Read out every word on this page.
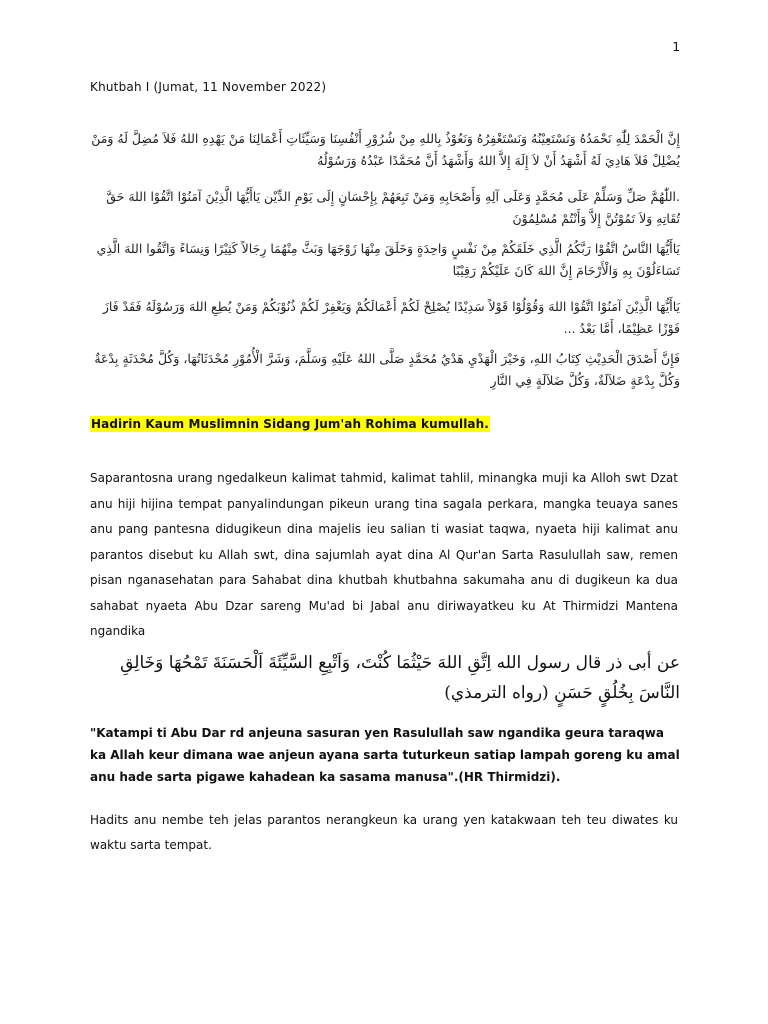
1
Khutbah I (Jumat, 11 November 2022)
إِنَّ الْحَمْدَ لِلّٰهِ نَحْمَدُهُ وَنَسْتَعِيْنُهُ وَنَسْتَغْفِرُهُ وَنَعُوْذُ بِاللهِ مِنْ شُرُوْرِ أَنْفُسِنَا وَسَيِّئَاتِ أَعْمَالِنَا مَنْ يَهْدِهِ اللهُ فَلاَ مُضِلَّ لَهُ وَمَنْ يُضْلِلْ فَلاَ هَادِيَ لَهُ أَشْهَدُ أَنْ لاَ إِلَهَ إِلاَّ اللهُ وَأَشْهَدُ أَنَّ مُحَمَّدًا عَبْدُهُ وَرَسُوْلُهُ
.اللّٰهُمَّ صَلِّ وَسَلِّمْ عَلَى مُحَمَّدٍ وَعَلَى آلِهِ وَأَصْحَابِهِ وَمَنْ تَبِعَهُمْ بِإِحْسَانٍ إِلَى يَوْمِ الدِّيْن يَاأَيُّهَا الَّذِيْنَ آمَنُوْا اتَّقُوْا اللهَ حَقَّ تُقَاتِهِ وَلاَ تَمُوْتُنَّ إِلاَّ وَأَنْتُمْ مُسْلِمُوْنَ
يَاأَيُّهَا النَّاسُ اتَّقُوْا رَبَّكُمُ الَّذِي خَلَقَكُمْ مِنْ نَفْسٍ وَاحِدَةٍ وَخَلَقَ مِنْهَا زَوْجَهَا وَبَثَّ مِنْهُمَا رِجَالاً كَثِيْرًا وَنِسَاءً وَاتَّقُوا اللهَ الَّذِي تَسَاءَلُوْنَ بِهِ وَالْأَرْحَامَ إِنَّ اللهَ كَانَ عَلَيْكُمْ رَقِيْبًا
يَاأَيُّهَا الَّذِيْنَ آمَنُوْا اتَّقُوْا اللهَ وَقُوْلُوْا قَوْلاً سَدِيْدًا يُصْلِحْ لَكُمْ أَعْمَالَكُمْ وَيَغْفِرْ لَكُمْ ذُنُوْبَكُمْ وَمَنْ يُطِعِ اللهَ وَرَسُوْلَهُ فَقَدْ فَازَ فَوْزًا عَظِيْمًا، أَمَّا بَعْدُ ...
فَإِنَّ أَصْدَقَ الْحَدِيْثِ كِتَابُ اللهِ، وَخَيْرَ الْهَدْيِ هَدْيُ مُحَمَّدٍ صَلَّى اللهُ عَلَيْهِ وَسَلَّمَ، وَشَرَّ الْأُمُوْرِ مُحْدَثَاتُهَا، وَكُلَّ مُحْدَثَةٍ بِدْعَةٌ وَكُلَّ بِدْعَةٍ ضَلاَلَةٌ، وَكُلَّ ضَلاَلَةٍ فِي النَّارِ
Hadirin Kaum Muslimnin Sidang Jum'ah Rohima kumullah.
Saparantosna urang ngedalkeun kalimat tahmid, kalimat tahlil, minangka muji ka Alloh swt Dzat anu hiji hijina tempat panyalindungan pikeun urang tina sagala perkara, mangka teuaya sanes anu pang pantesna didugikeun dina majelis ieu salian ti wasiat taqwa, nyaeta hiji kalimat anu parantos disebut ku Allah swt, dina sajumlah ayat dina Al Qur'an Sarta Rasulullah saw, remen pisan nganasehatan para Sahabat dina khutbah khutbahna sakumaha anu di dugikeun ka dua sahabat nyaeta Abu Dzar sareng Mu'ad bi Jabal anu diriwayatkeu ku At Thirmidzi Mantena ngandika
عن أبى ذر قال رسول الله اِتَّقِ اللهَ حَيْثُمَا كُنْتَ، وَاَتْبِعِ السَّيِّئَةَ اَلْحَسَنَةَ تَمْحُهَا وَخَالِقِ النَّاسَ بِخُلُقٍ حَسَنٍ (رواه الترمذي)
"Katampi ti Abu Dar rd anjeuna sasuran yen Rasulullah saw ngandika geura taraqwa ka Allah keur dimana wae anjeun ayana sarta tuturkeun satiap lampah goreng ku amal anu hade sarta pigawe kahadean ka sasama manusa".(HR Thirmidzi).
Hadits anu nembe teh jelas parantos nerangkeun ka urang yen katakwaan teh teu diwates ku waktu sarta tempat.
